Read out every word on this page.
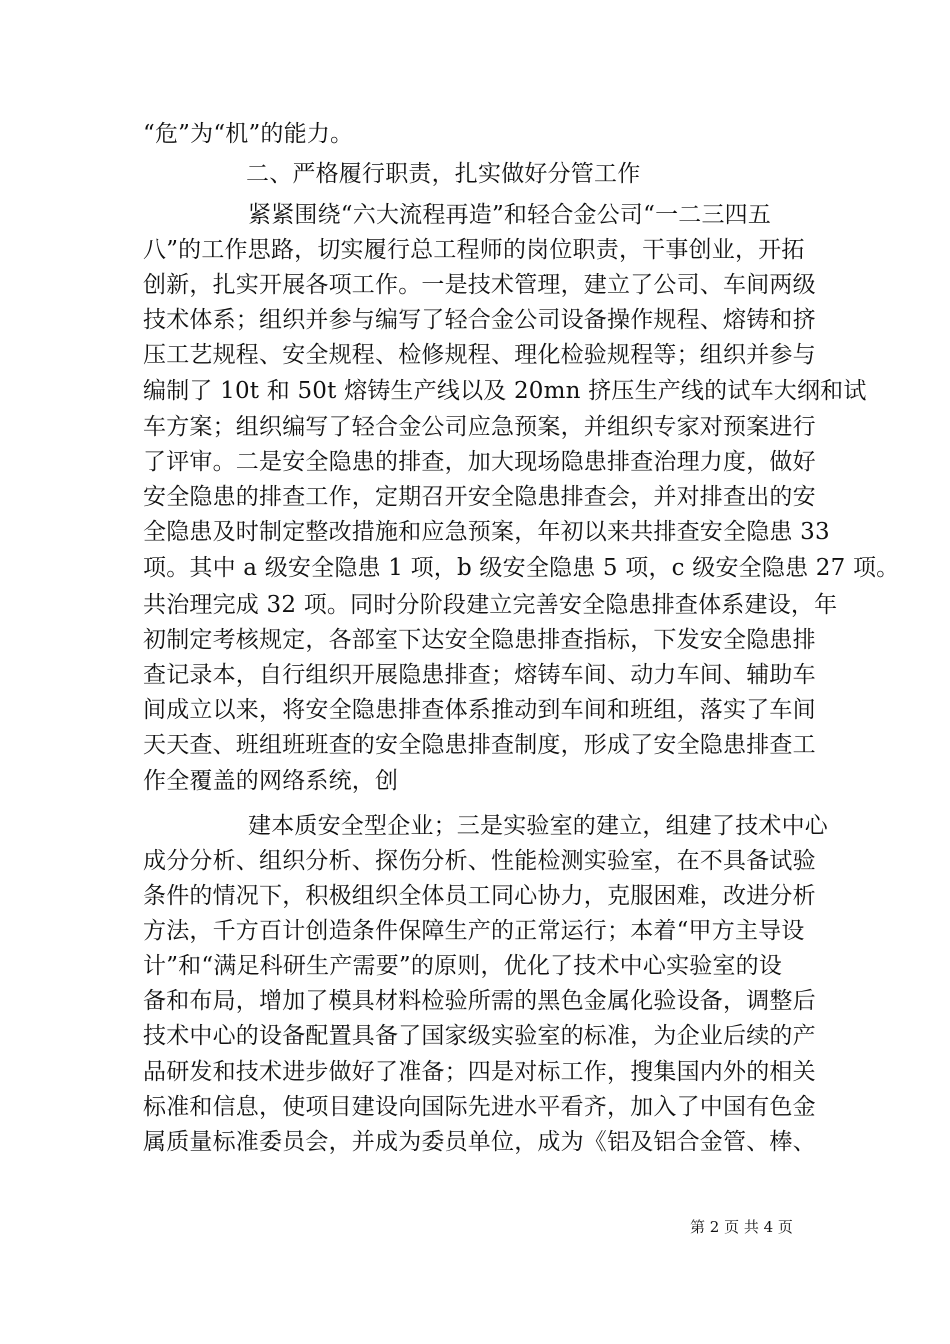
“危”为“机”的能力。
二、严格履行职责，扎实做好分管工作
紧紧围绕“六大流程再造”和轻合金公司“一二三四五
八”的工作思路，切实履行总工程师的岗位职责，干事创业，开拓
创新，扎实开展各项工作。一是技术管理，建立了公司、车间两级
技术体系；组织并参与编写了轻合金公司设备操作规程、熔铸和挤
压工艺规程、安全规程、检修规程、理化检验规程等；组织并参与
编制了 10t 和 50t 熔铸生产线以及 20mn 挤压生产线的试车大纲和试
车方案；组织编写了轻合金公司应急预案，并组织专家对预案进行
了评审。二是安全隐患的排查，加大现场隐患排查治理力度，做好
安全隐患的排查工作，定期召开安全隐患排查会，并对排查出的安
全隐患及时制定整改措施和应急预案，年初以来共排查安全隐患 33
项。其中 a 级安全隐患 1 项，b 级安全隐患 5 项，c 级安全隐患 27 项。
共治理完成 32 项。同时分阶段建立完善安全隐患排查体系建设，年
初制定考核规定，各部室下达安全隐患排查指标，下发安全隐患排
查记录本，自行组织开展隐患排查；熔铸车间、动力车间、辅助车
间成立以来，将安全隐患排查体系推动到车间和班组，落实了车间
天天查、班组班班查的安全隐患排查制度，形成了安全隐患排查工
作全覆盖的网络系统，创
建本质安全型企业；三是实验室的建立，组建了技术中心
成分分析、组织分析、探伤分析、性能检测实验室，在不具备试验
条件的情况下，积极组织全体员工同心协力，克服困难，改进分析
方法，千方百计创造条件保障生产的正常运行；本着“甲方主导设
计”和“满足科研生产需要”的原则，优化了技术中心实验室的设
备和布局，增加了模具材料检验所需的黑色金属化验设备，调整后
技术中心的设备配置具备了国家级实验室的标准，为企业后续的产
品研发和技术进步做好了准备；四是对标工作，搜集国内外的相关
标准和信息，使项目建设向国际先进水平看齐，加入了中国有色金
属质量标准委员会，并成为委员单位，成为《铝及铝合金管、棒、
第 2 页 共 4 页
